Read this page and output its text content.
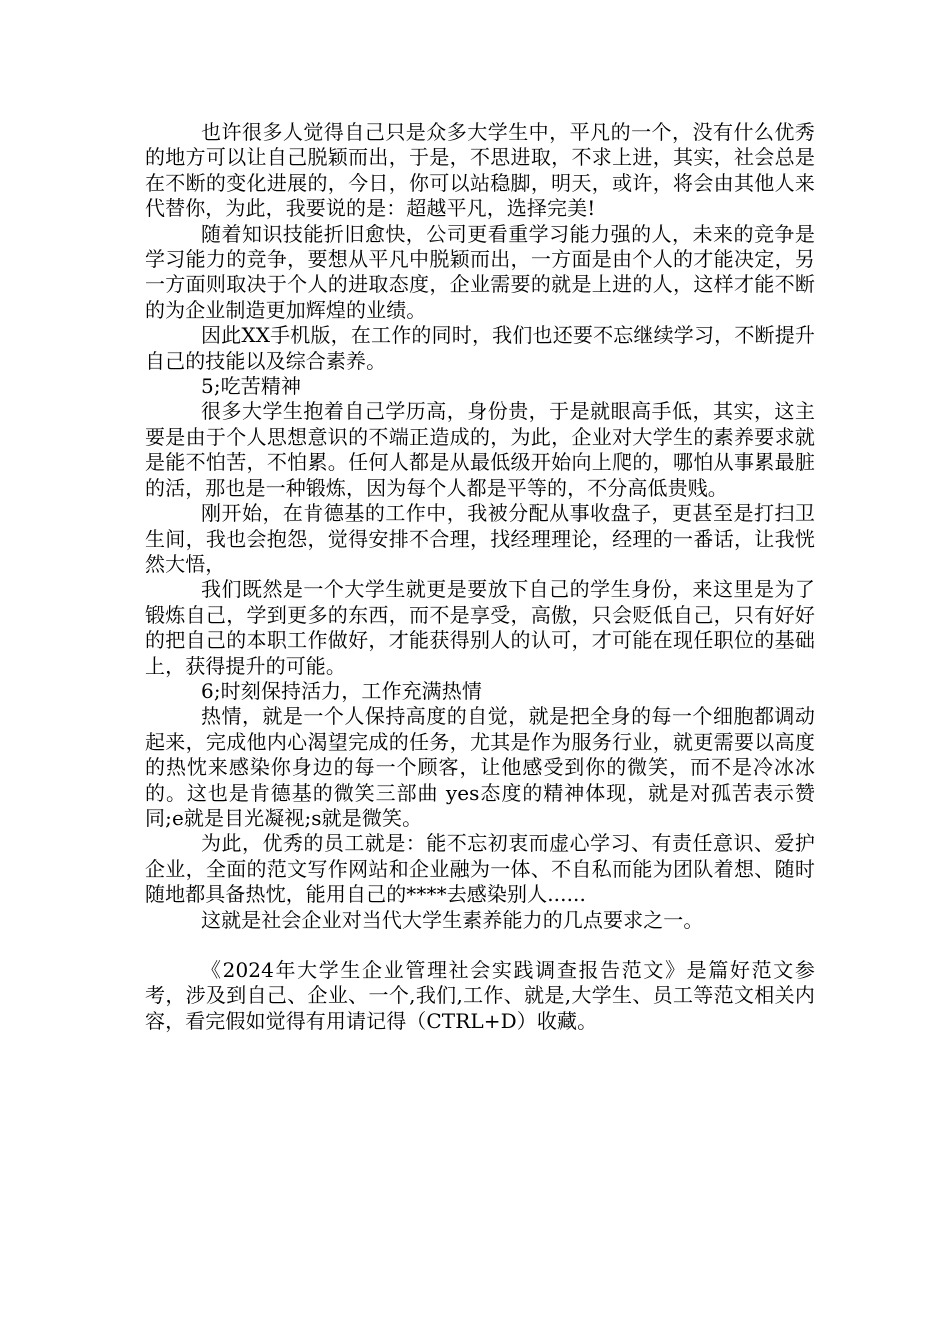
也许很多人觉得自己只是众多大学生中，平凡的一个，没有什么优秀的地方可以让自己脱颖而出，于是，不思进取，不求上进，其实，社会总是在不断的变化进展的，今日，你可以站稳脚，明天，或许，将会由其他人来代替你，为此，我要说的是：超越平凡，选择完美!

随着知识技能折旧愈快，公司更看重学习能力强的人，未来的竞争是学习能力的竞争，要想从平凡中脱颖而出，一方面是由个人的才能决定，另一方面则取决于个人的进取态度，企业需要的就是上进的人，这样才能不断的为企业制造更加辉煌的业绩。

因此XX手机版，在工作的同时，我们也还要不忘继续学习，不断提升自己的技能以及综合素养。

5;吃苦精神

很多大学生抱着自己学历高，身份贵，于是就眼高手低，其实，这主要是由于个人思想意识的不端正造成的，为此，企业对大学生的素养要求就是能不怕苦，不怕累。任何人都是从最低级开始向上爬的，哪怕从事累最脏的活，那也是一种锻炼，因为每个人都是平等的，不分高低贵贱。

刚开始，在肯德基的工作中，我被分配从事收盘子，更甚至是打扫卫生间，我也会抱怨，觉得安排不合理，找经理理论，经理的一番话，让我恍然大悟，

我们既然是一个大学生就更是要放下自己的学生身份，来这里是为了锻炼自己，学到更多的东西，而不是享受，高傲，只会贬低自己，只有好好的把自己的本职工作做好，才能获得别人的认可，才可能在现任职位的基础上，获得提升的可能。

6;时刻保持活力，工作充满热情

热情，就是一个人保持高度的自觉，就是把全身的每一个细胞都调动起来，完成他内心渴望完成的任务，尤其是作为服务行业，就更需要以高度的热忱来感染你身边的每一个顾客，让他感受到你的微笑，而不是冷冰冰的。这也是肯德基的微笑三部曲 yes态度的精神体现，就是对孤苦表示赞同;e就是目光凝视;s就是微笑。

为此，优秀的员工就是：能不忘初衷而虚心学习、有责任意识、爱护企业，全面的范文写作网站和企业融为一体、不自私而能为团队着想、随时随地都具备热忱，能用自己的****去感染别人......

这就是社会企业对当代大学生素养能力的几点要求之一。

《2024年大学生企业管理社会实践调查报告范文》是篇好范文参考，涉及到自己、企业、一个,我们,工作、就是,大学生、员工等范文相关内容，看完假如觉得有用请记得（CTRL+D）收藏。
